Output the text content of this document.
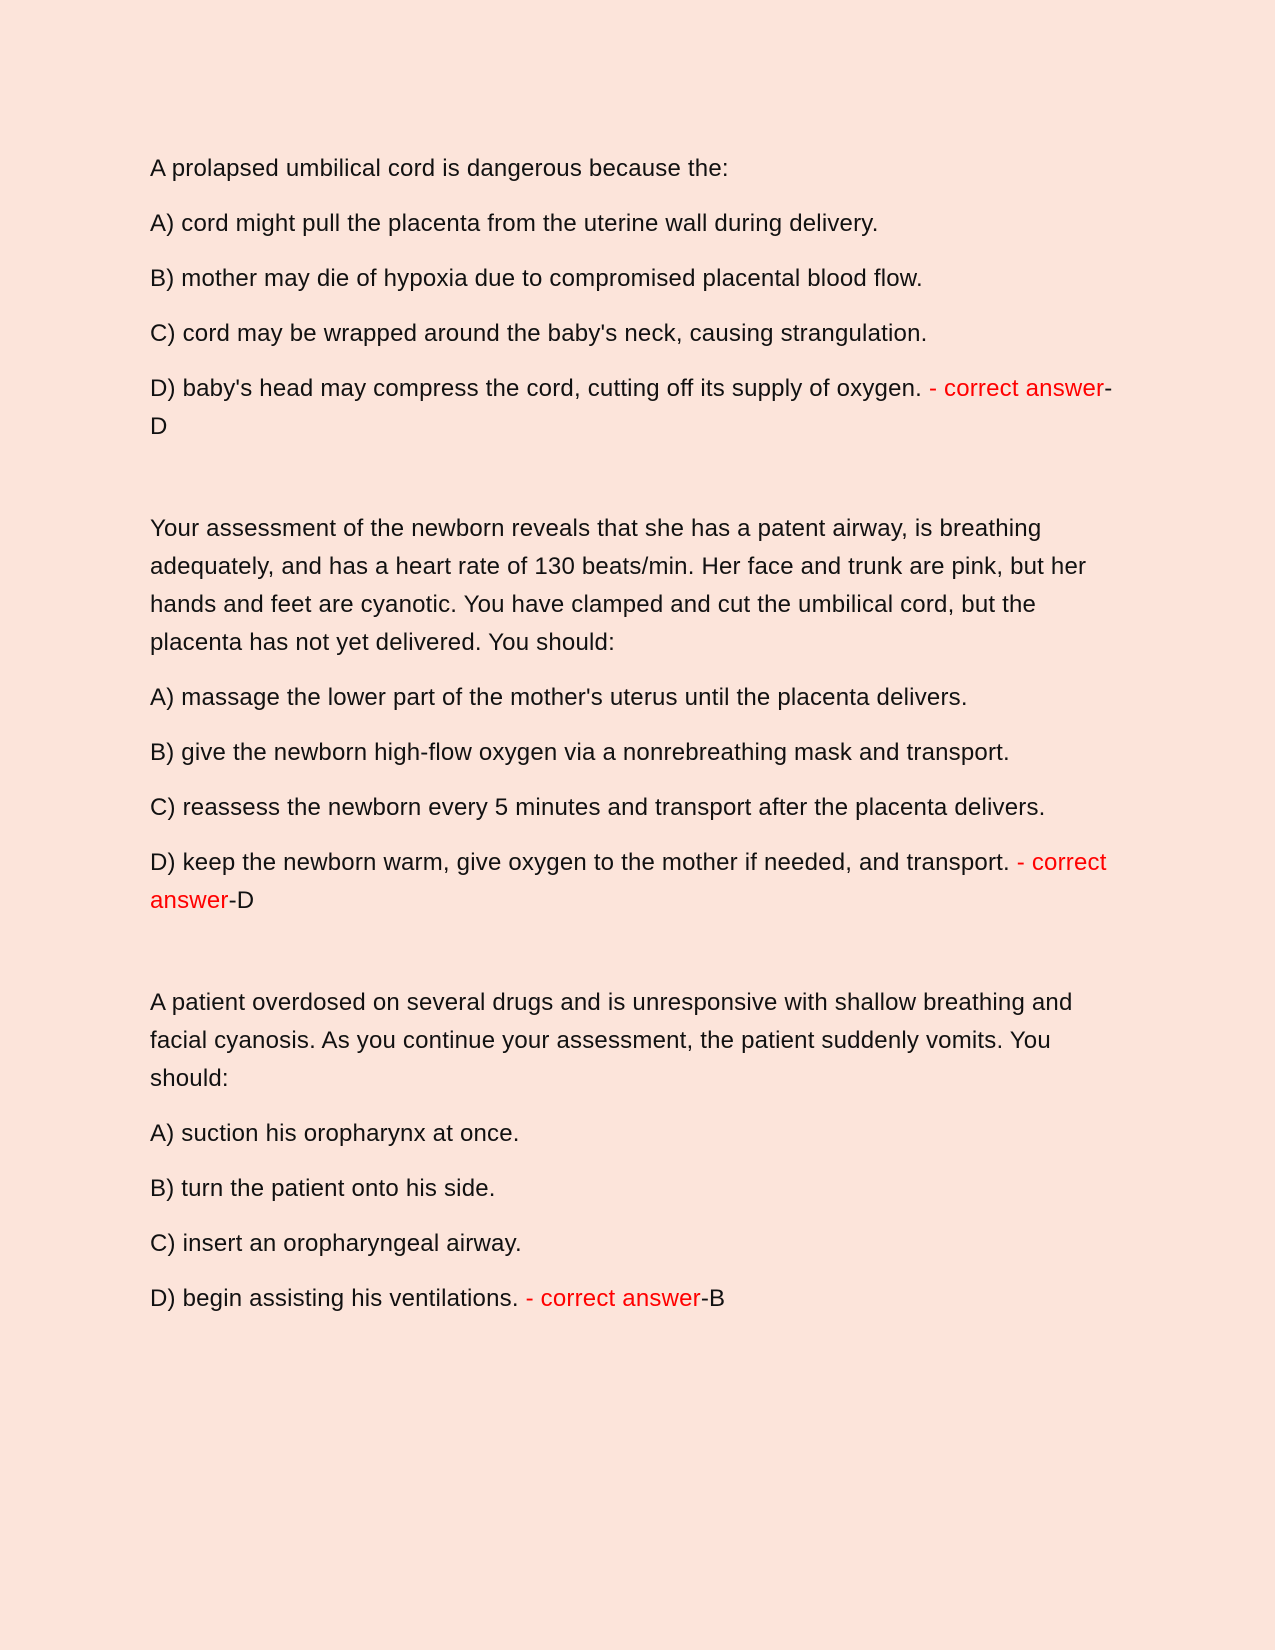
A prolapsed umbilical cord is dangerous because the:

A) cord might pull the placenta from the uterine wall during delivery.

B) mother may die of hypoxia due to compromised placental blood flow.

C) cord may be wrapped around the baby's neck, causing strangulation.

D) baby's head may compress the cord, cutting off its supply of oxygen. - correct answer-D

Your assessment of the newborn reveals that she has a patent airway, is breathing adequately, and has a heart rate of 130 beats/min. Her face and trunk are pink, but her hands and feet are cyanotic. You have clamped and cut the umbilical cord, but the placenta has not yet delivered. You should:

A) massage the lower part of the mother's uterus until the placenta delivers.

B) give the newborn high-flow oxygen via a nonrebreathing mask and transport.

C) reassess the newborn every 5 minutes and transport after the placenta delivers.

D) keep the newborn warm, give oxygen to the mother if needed, and transport. - correct answer-D

A patient overdosed on several drugs and is unresponsive with shallow breathing and facial cyanosis. As you continue your assessment, the patient suddenly vomits. You should:

A) suction his oropharynx at once.

B) turn the patient onto his side.

C) insert an oropharyngeal airway.

D) begin assisting his ventilations. - correct answer-B
